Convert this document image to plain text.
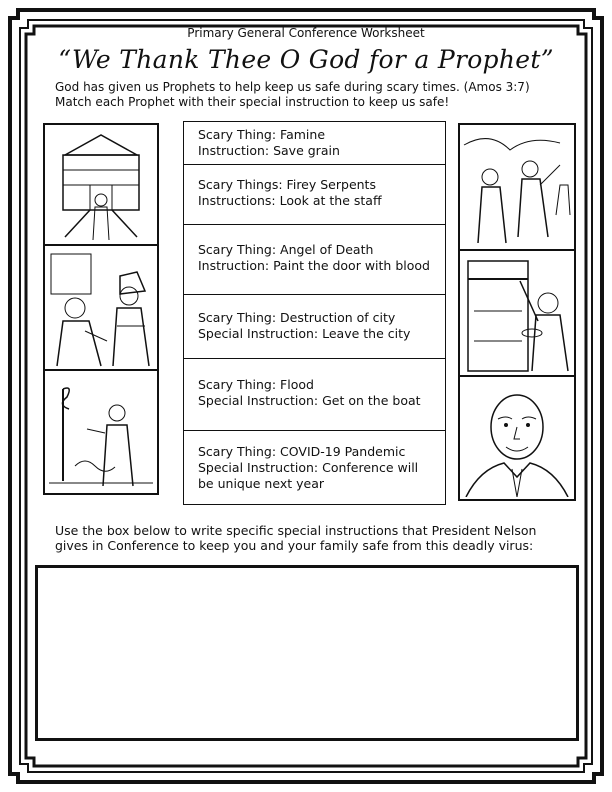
Primary General Conference Worksheet
“We Thank Thee O God for a Prophet”
God has given us Prophets to help keep us safe during scary times. (Amos 3:7)
Match each Prophet with their special instruction to keep us safe!
Scary Thing: Famine
Instruction: Save grain
Scary Things: Firey Serpents
Instructions: Look at the staff
Scary Thing: Angel of Death
Instruction: Paint the door with blood
Scary Thing: Destruction of city
Special Instruction: Leave the city
Scary Thing: Flood
Special Instruction: Get on the boat
Scary Thing: COVID-19 Pandemic
Special Instruction: Conference will
be unique next year
Use the box below to write specific special instructions that President Nelson
gives in Conference to keep you and your family safe from this deadly virus:
